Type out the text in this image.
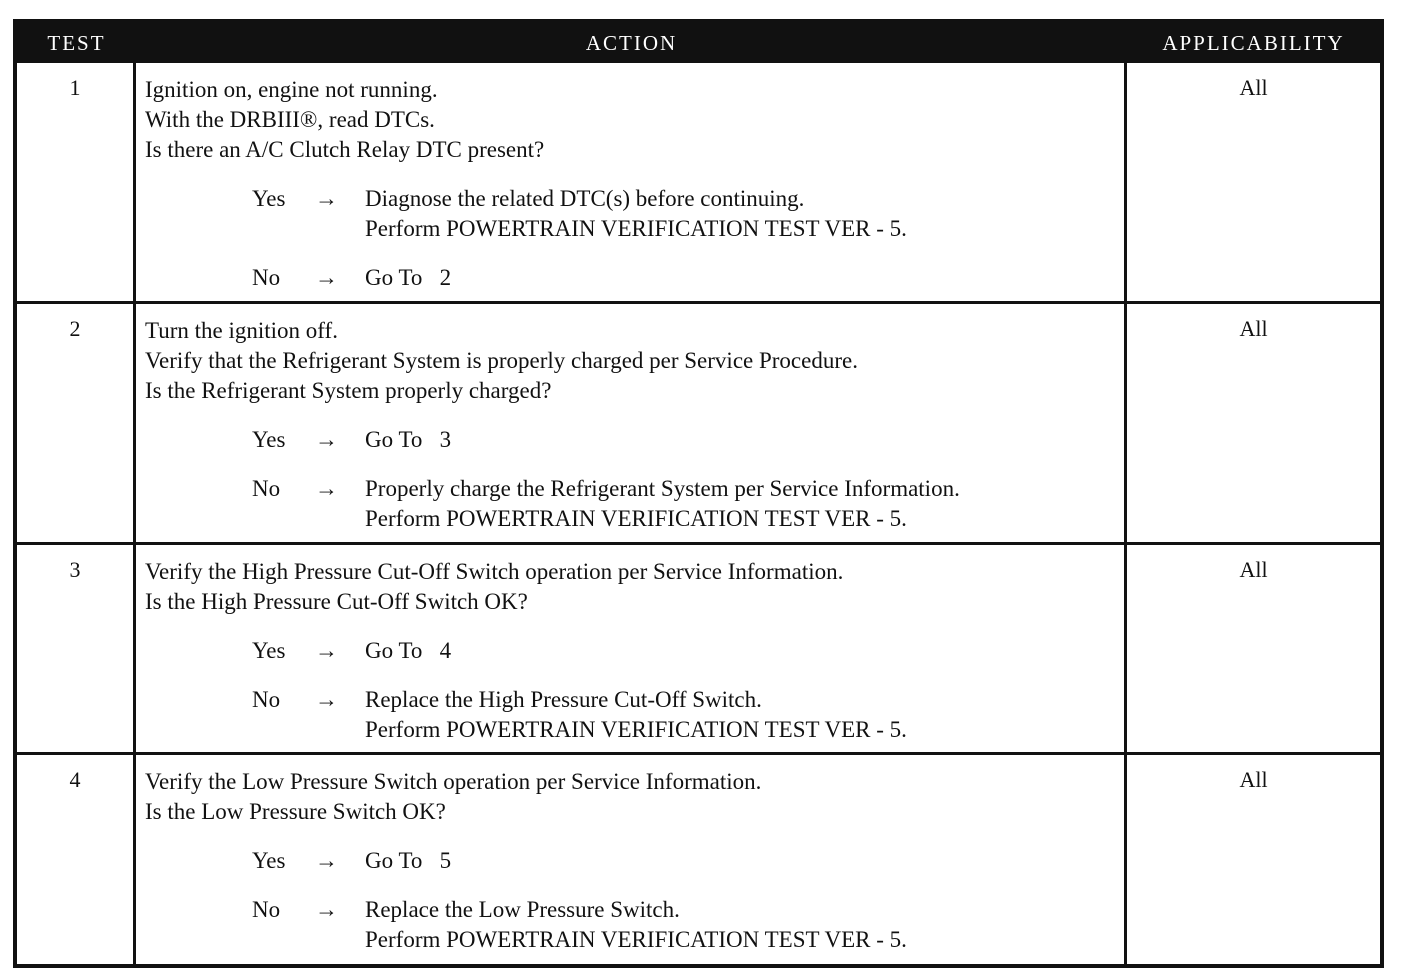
TEST	ACTION	APPLICABILITY
1	Ignition on, engine not running.
With the DRBIII®, read DTCs.
Is there an A/C Clutch Relay DTC present?
Yes → Diagnose the related DTC(s) before continuing.
Perform POWERTRAIN VERIFICATION TEST VER - 5.
No → Go To   2
All
2	Turn the ignition off.
Verify that the Refrigerant System is properly charged per Service Procedure.
Is the Refrigerant System properly charged?
Yes → Go To   3
No → Properly charge the Refrigerant System per Service Information.
Perform POWERTRAIN VERIFICATION TEST VER - 5.
All
3	Verify the High Pressure Cut-Off Switch operation per Service Information.
Is the High Pressure Cut-Off Switch OK?
Yes → Go To   4
No → Replace the High Pressure Cut-Off Switch.
Perform POWERTRAIN VERIFICATION TEST VER - 5.
All
4	Verify the Low Pressure Switch operation per Service Information.
Is the Low Pressure Switch OK?
Yes → Go To   5
No → Replace the Low Pressure Switch.
Perform POWERTRAIN VERIFICATION TEST VER - 5.
All
